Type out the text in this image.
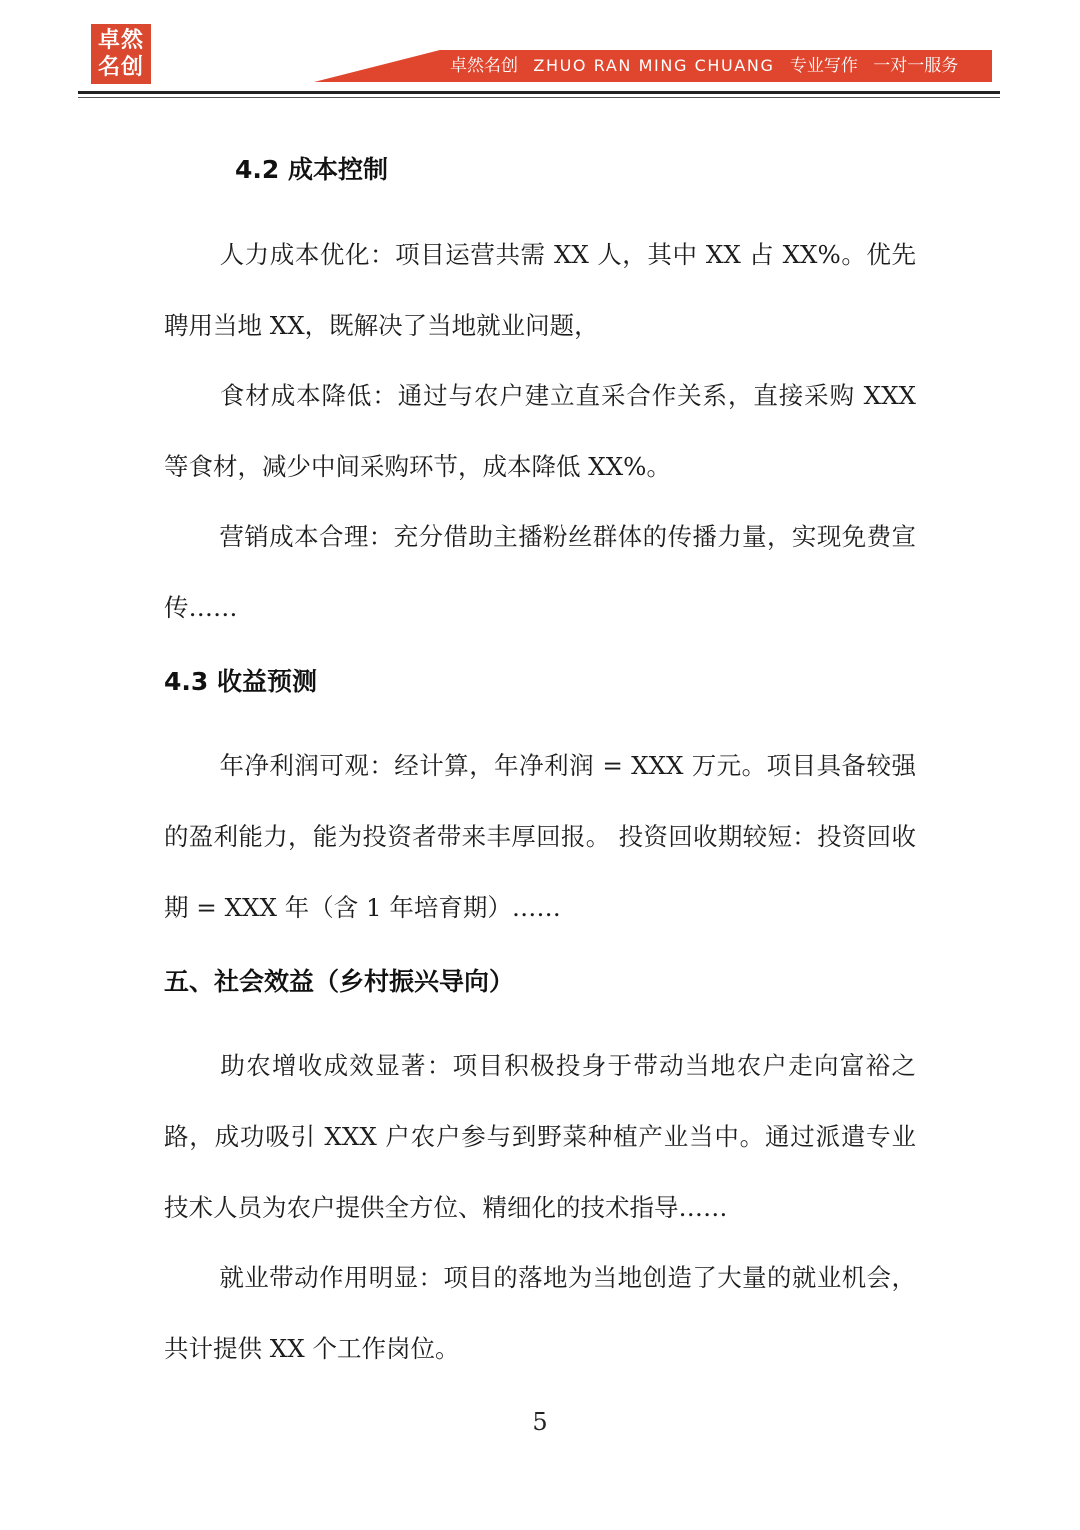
卓然
名创	卓然名创 ZHUO RAN MING CHUANG 专业写作 一对一服务
4.2 成本控制
人力成本优化：项目运营共需 XX 人，其中 XX 占 XX%。优先聘用当地 XX，既解决了当地就业问题，
食材成本降低：通过与农户建立直采合作关系，直接采购 XXX 等食材，减少中间采购环节，成本降低 XX%。
营销成本合理：充分借助主播粉丝群体的传播力量，实现免费宣传……
4.3 收益预测
年净利润可观：经计算，年净利润 = XXX 万元。项目具备较强的盈利能力，能为投资者带来丰厚回报。 投资回收期较短：投资回收期 = XXX 年（含 1 年培育期）……
五、社会效益（乡村振兴导向）
助农增收成效显著：项目积极投身于带动当地农户走向富裕之路，成功吸引 XXX 户农户参与到野菜种植产业当中。通过派遣专业技术人员为农户提供全方位、精细化的技术指导……
就业带动作用明显：项目的落地为当地创造了大量的就业机会，共计提供 XX 个工作岗位。
5
